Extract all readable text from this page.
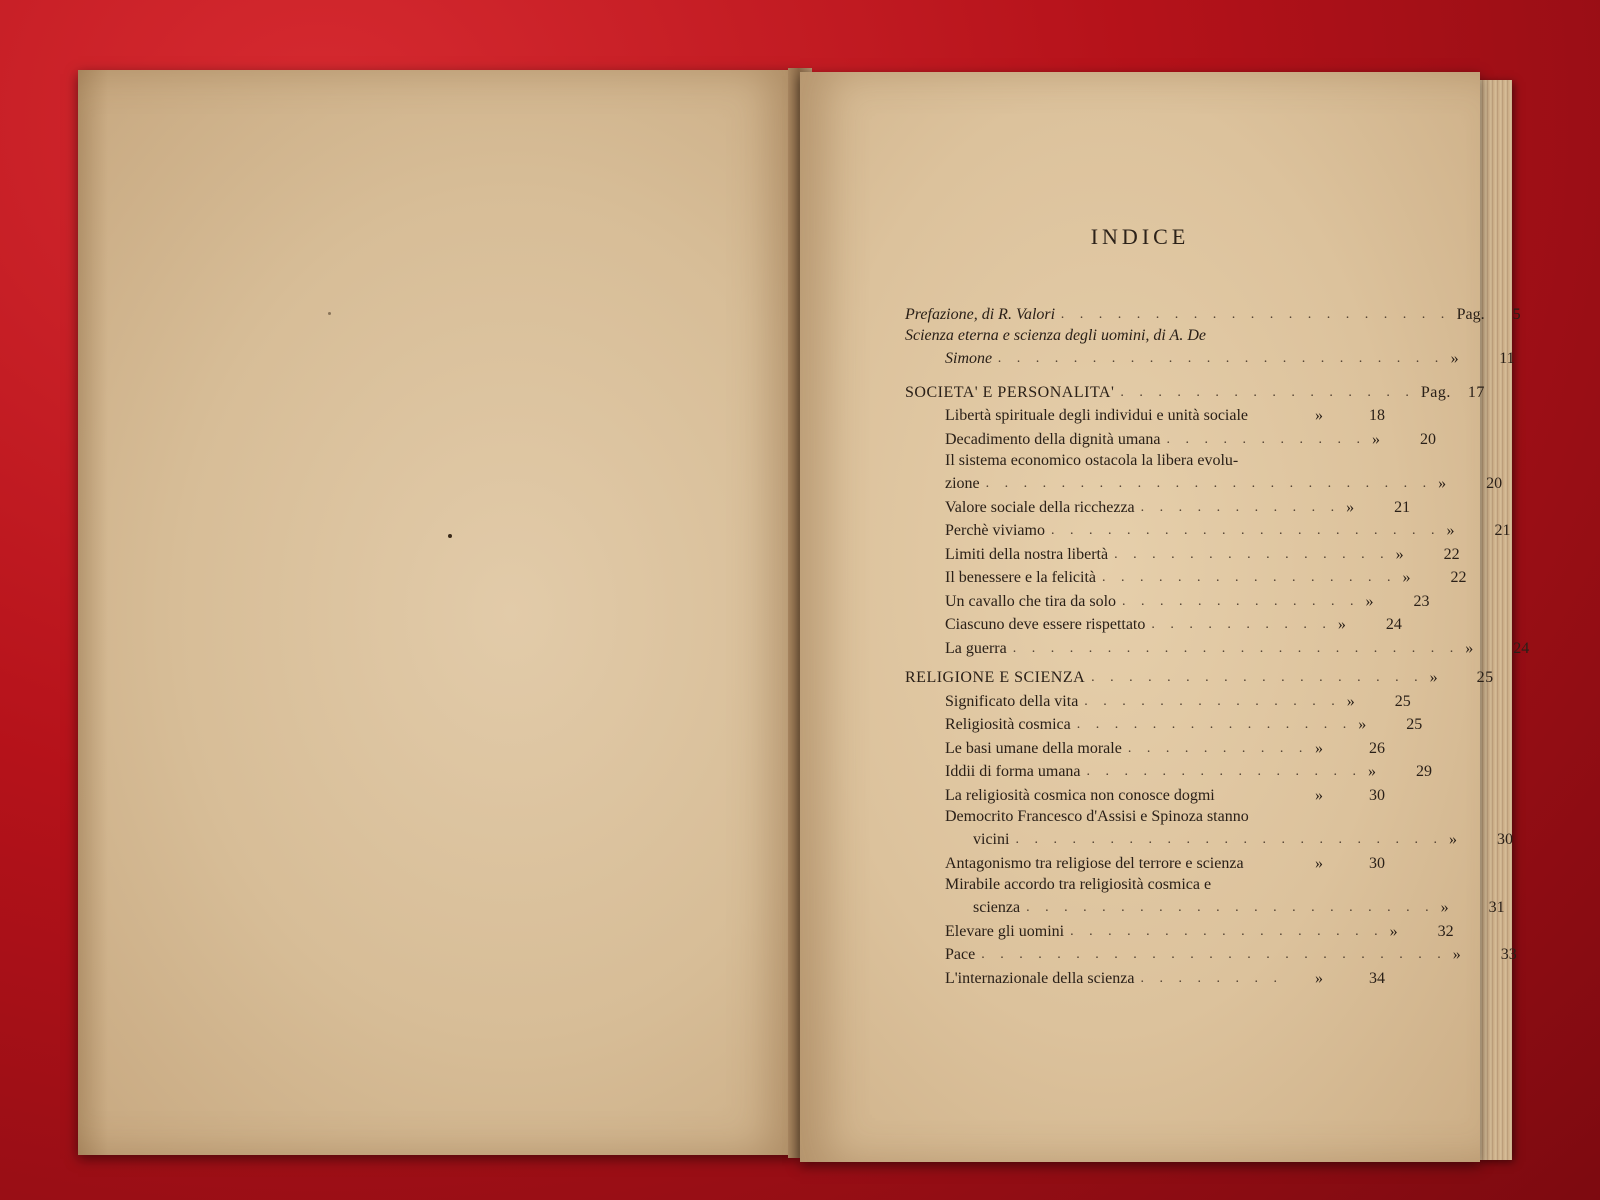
INDICE
Prefazione, di R. Valori . . . . . . . . . . . . . . . . . . . . . Pag.	5
Scienza eterna e scienza degli uomini, di A. De
Simone . . . . . . . . . . . . . . . . . . . . . . . . »	11
SOCIETA' E PERSONALITA' . . . . . . . . . . . . . . . . Pag.	17
Libertà spirituale degli individui e unità sociale	»	18
Decadimento della dignità umana . . . . . . . . . . . »	20
Il sistema economico ostacola la libera evolu-
zione . . . . . . . . . . . . . . . . . . . . . . . . »	20
Valore sociale della ricchezza . . . . . . . . . . . »	21
Perchè viviamo . . . . . . . . . . . . . . . . . . . . . »	21
Limiti della nostra libertà . . . . . . . . . . . . . . . »	22
Il benessere e la felicità . . . . . . . . . . . . . . . . »	22
Un cavallo che tira da solo . . . . . . . . . . . . . »	23
Ciascuno deve essere rispettato . . . . . . . . . . »	24
La guerra . . . . . . . . . . . . . . . . . . . . . . . . »	24
RELIGIONE E SCIENZA . . . . . . . . . . . . . . . . . . »	25
Significato della vita . . . . . . . . . . . . . . »	25
Religiosità cosmica . . . . . . . . . . . . . . . »	25
Le basi umane della morale . . . . . . . . . . »	26
Iddii di forma umana . . . . . . . . . . . . . . . »	29
La religiosità cosmica non conosce dogmi	»	30
Democrito Francesco d'Assisi e Spinoza stanno
vicini . . . . . . . . . . . . . . . . . . . . . . . »	30
Antagonismo tra religiose del terrore e scienza	»	30
Mirabile accordo tra religiosità cosmica e
scienza . . . . . . . . . . . . . . . . . . . . . . »	31
Elevare gli uomini . . . . . . . . . . . . . . . . . »	32
Pace . . . . . . . . . . . . . . . . . . . . . . . . . »	33
L'internazionale della scienza . . . . . . . .	»	34
